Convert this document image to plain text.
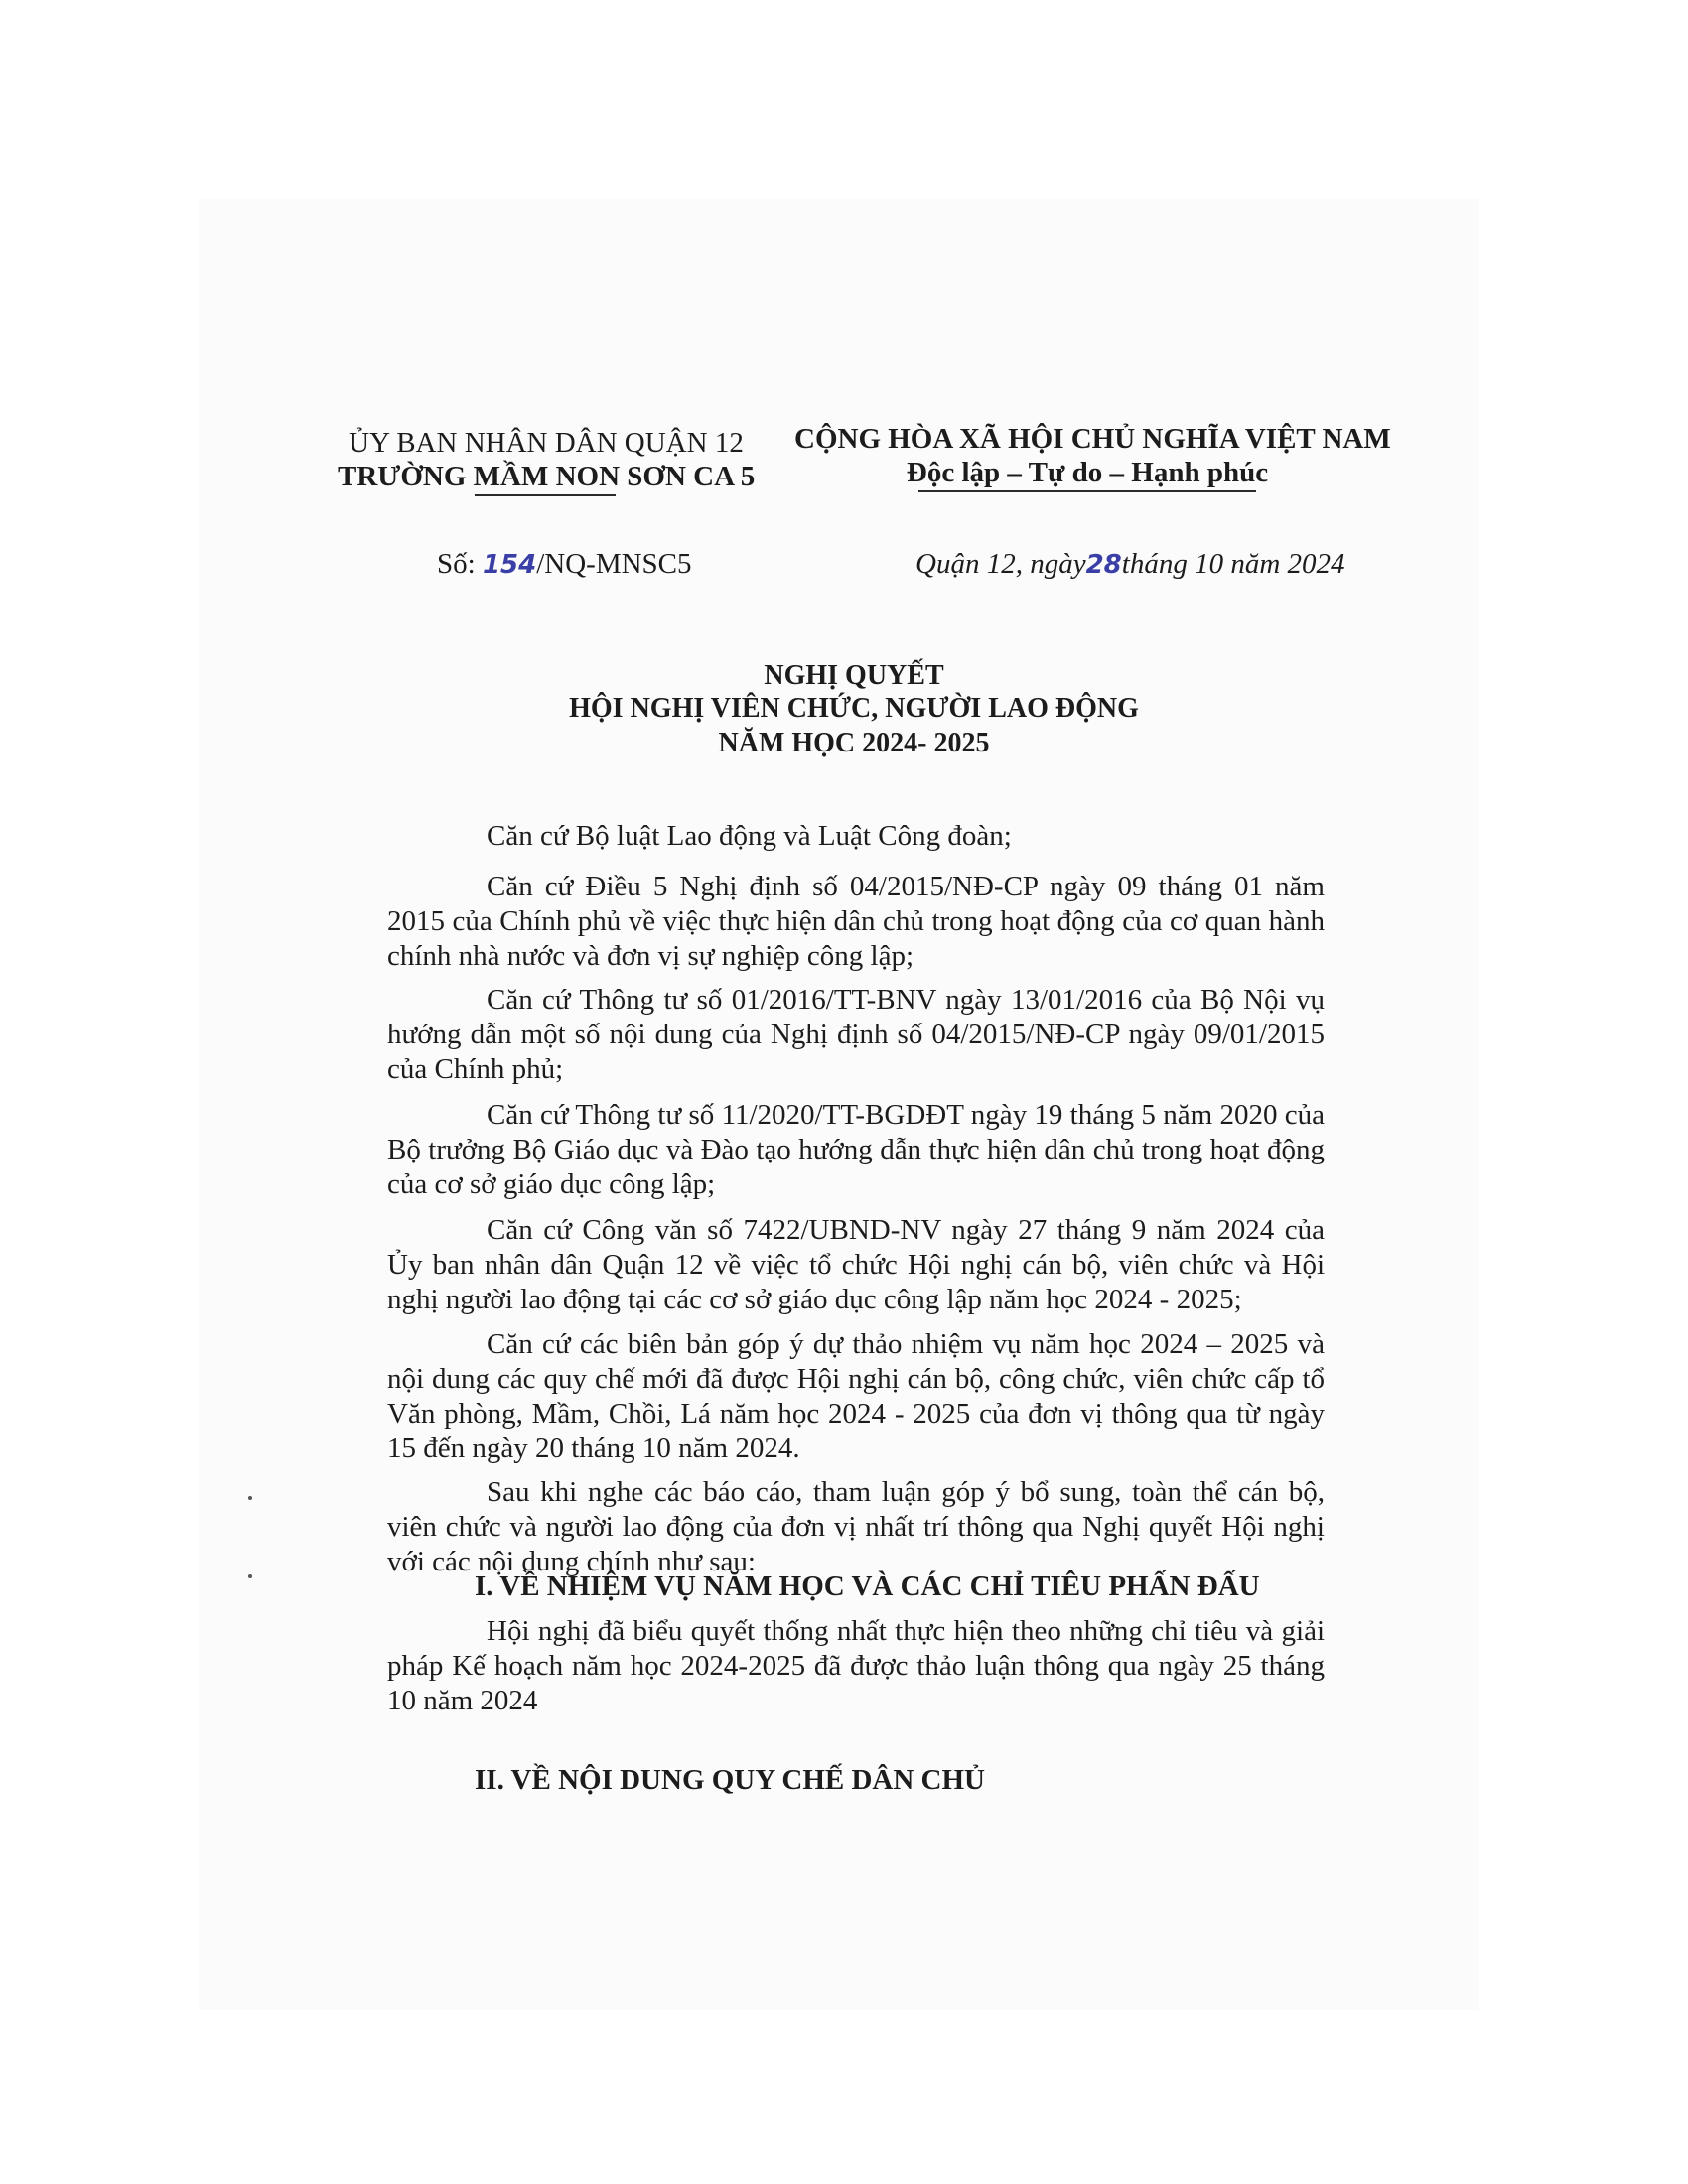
ỦY BAN NHÂN DÂN QUẬN 12
TRƯỜNG MẦM NON SƠN CA 5
CỘNG HÒA XÃ HỘI CHỦ NGHĨA VIỆT NAM
Độc lập – Tự do – Hạnh phúc
Số: 154/NQ-MNSC5	Quận 12, ngày28tháng 10 năm 2024
NGHỊ QUYẾT
HỘI NGHỊ VIÊN CHỨC, NGƯỜI LAO ĐỘNG
NĂM HỌC 2024- 2025
Căn cứ Bộ luật Lao động và Luật Công đoàn;
Căn cứ Điều 5 Nghị định số 04/2015/NĐ-CP ngày 09 tháng 01 năm 2015 của Chính phủ về việc thực hiện dân chủ trong hoạt động của cơ quan hành chính nhà nước và đơn vị sự nghiệp công lập;
Căn cứ Thông tư số 01/2016/TT-BNV ngày 13/01/2016 của Bộ Nội vụ hướng dẫn một số nội dung của Nghị định số 04/2015/NĐ-CP ngày 09/01/2015 của Chính phủ;
Căn cứ Thông tư số 11/2020/TT-BGDĐT ngày 19 tháng 5 năm 2020 của Bộ trưởng Bộ Giáo dục và Đào tạo hướng dẫn thực hiện dân chủ trong hoạt động của cơ sở giáo dục công lập;
Căn cứ Công văn số 7422/UBND-NV ngày 27 tháng 9 năm 2024 của Ủy ban nhân dân Quận 12 về việc tổ chức Hội nghị cán bộ, viên chức và Hội nghị người lao động tại các cơ sở giáo dục công lập năm học 2024 - 2025;
Căn cứ các biên bản góp ý dự thảo nhiệm vụ năm học 2024 – 2025 và nội dung các quy chế mới đã được Hội nghị cán bộ, công chức, viên chức cấp tổ Văn phòng, Mầm, Chồi, Lá năm học 2024 - 2025 của đơn vị thông qua từ ngày 15 đến ngày 20 tháng 10 năm 2024.
Sau khi nghe các báo cáo, tham luận góp ý bổ sung, toàn thể cán bộ, viên chức và người lao động của đơn vị nhất trí thông qua Nghị quyết Hội nghị với các nội dung chính như sau:
I. VỀ NHIỆM VỤ NĂM HỌC VÀ CÁC CHỈ TIÊU PHẤN ĐẤU
Hội nghị đã biểu quyết thống nhất thực hiện theo những chỉ tiêu và giải pháp Kế hoạch năm học 2024-2025 đã được thảo luận thông qua ngày 25 tháng 10 năm 2024
II. VỀ NỘI DUNG QUY CHẾ DÂN CHỦ
